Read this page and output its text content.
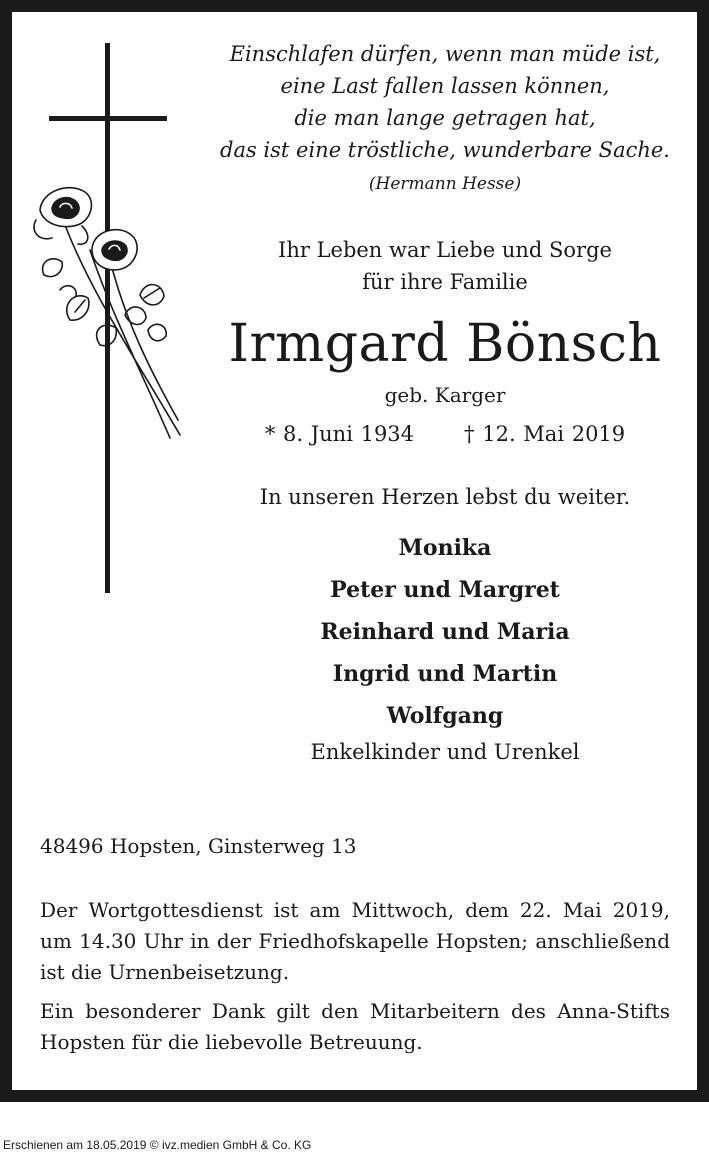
Einschlafen dürfen, wenn man müde ist,
eine Last fallen lassen können,
die man lange getragen hat,
das ist eine tröstliche, wunderbare Sache.
(Hermann Hesse)
Ihr Leben war Liebe und Sorge
für ihre Familie
Irmgard Bönsch
geb. Karger
* 8. Juni 1934 † 12. Mai 2019
In unseren Herzen lebst du weiter.
Monika
Peter und Margret
Reinhard und Maria
Ingrid und Martin
Wolfgang
Enkelkinder und Urenkel
48496 Hopsten, Ginsterweg 13
Der Wortgottesdienst ist am Mittwoch, dem 22. Mai 2019, um 14.30 Uhr in der Friedhofskapelle Hopsten; anschließend ist die Urnenbeisetzung.
Ein besonderer Dank gilt den Mitarbeitern des Anna-Stifts Hopsten für die liebevolle Betreuung.
Erschienen am 18.05.2019 © ivz.medien GmbH & Co. KG
